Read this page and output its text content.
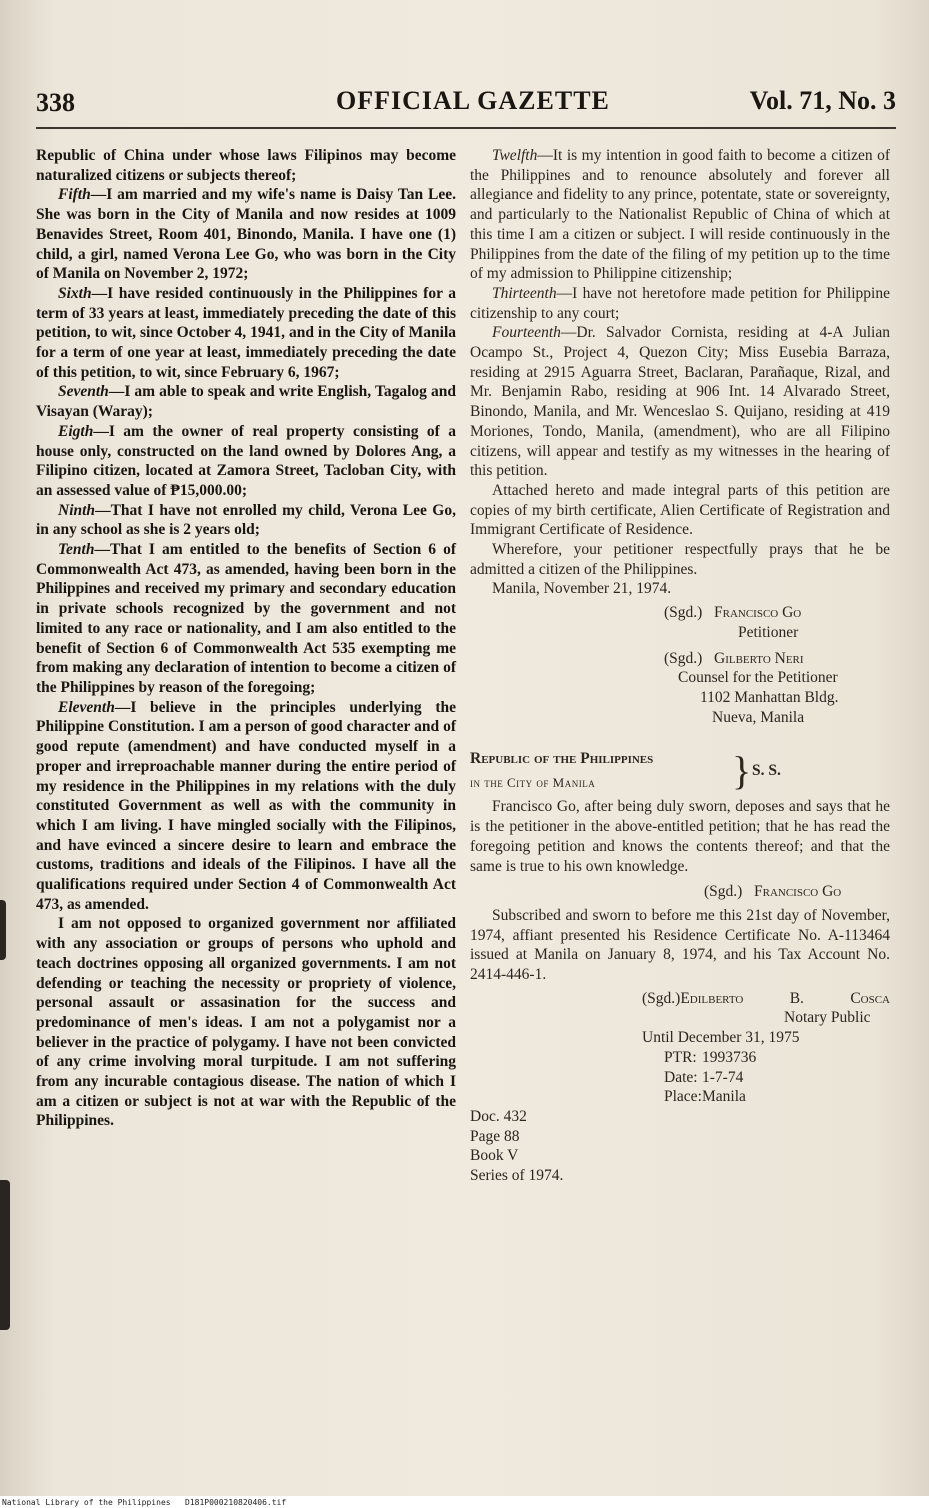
338	OFFICIAL GAZETTE	Vol. 71, No. 3

Republic of China under whose laws Filipinos may become naturalized citizens or subjects thereof;

Fifth—I am married and my wife's name is Daisy Tan Lee. She was born in the City of Manila and now resides at 1009 Benavides Street, Room 401, Binondo, Manila. I have one (1) child, a girl, named Verona Lee Go, who was born in the City of Manila on November 2, 1972;

Sixth—I have resided continuously in the Philippines for a term of 33 years at least, immediately preceding the date of this petition, to wit, since October 4, 1941, and in the City of Manila for a term of one year at least, immediately preceding the date of this petition, to wit, since February 6, 1967;

Seventh—I am able to speak and write English, Tagalog and Visayan (Waray);

Eigth—I am the owner of real property consisting of a house only, constructed on the land owned by Dolores Ang, a Filipino citizen, located at Zamora Street, Tacloban City, with an assessed value of ₱15,000.00;

Ninth—That I have not enrolled my child, Verona Lee Go, in any school as she is 2 years old;

Tenth—That I am entitled to the benefits of Section 6 of Commonwealth Act 473, as amended, having been born in the Philippines and received my primary and secondary education in private schools recognized by the government and not limited to any race or nationality, and I am also entitled to the benefit of Section 6 of Commonwealth Act 535 exempting me from making any declaration of intention to become a citizen of the Philippines by reason of the foregoing;

Eleventh—I believe in the principles underlying the Philippine Constitution. I am a person of good character and of good repute (amendment) and have conducted myself in a proper and irreproachable manner during the entire period of my residence in the Philippines in my relations with the duly constituted Government as well as with the community in which I am living. I have mingled socially with the Filipinos, and have evinced a sincere desire to learn and embrace the customs, traditions and ideals of the Filipinos. I have all the qualifications required under Section 4 of Commonwealth Act 473, as amended.

I am not opposed to organized government nor affiliated with any association or groups of persons who uphold and teach doctrines opposing all organized governments. I am not defending or teaching the necessity or propriety of violence, personal assault or assasination for the success and predominance of men's ideas. I am not a polygamist nor a believer in the practice of polygamy. I have not been convicted of any crime involving moral turpitude. I am not suffering from any incurable contagious disease. The nation of which I am a citizen or subject is not at war with the Republic of the Philippines.

Twelfth—It is my intention in good faith to become a citizen of the Philippines and to renounce absolutely and forever all allegiance and fidelity to any prince, potentate, state or sovereignty, and particularly to the Nationalist Republic of China of which at this time I am a citizen or subject. I will reside continuously in the Philippines from the date of the filing of my petition up to the time of my admission to Philippine citizenship;

Thirteenth—I have not heretofore made petition for Philippine citizenship to any court;

Fourteenth—Dr. Salvador Cornista, residing at 4-A Julian Ocampo St., Project 4, Quezon City; Miss Eusebia Barraza, residing at 2915 Aguarra Street, Baclaran, Parañaque, Rizal, and Mr. Benjamin Rabo, residing at 906 Int. 14 Alvarado Street, Binondo, Manila, and Mr. Wenceslao S. Quijano, residing at 419 Moriones, Tondo, Manila, (amendment), who are all Filipino citizens, will appear and testify as my witnesses in the hearing of this petition.

Attached hereto and made integral parts of this petition are copies of my birth certificate, Alien Certificate of Registration and Immigrant Certificate of Residence.

Wherefore, your petitioner respectfully prays that he be admitted a citizen of the Philippines.

Manila, November 21, 1974.

(Sgd.) Francisco Go
Petitioner

(Sgd.) Gilberto Neri
Counsel for the Petitioner
1102 Manhattan Bldg.
Nueva, Manila

Republic of the Philippines
in the City of Manila	} S. S.

Francisco Go, after being duly sworn, deposes and says that he is the petitioner in the above-entitled petition; that he has read the foregoing petition and knows the contents thereof; and that the same is true to his own knowledge.

(Sgd.) Francisco Go

Subscribed and sworn to before me this 21st day of November, 1974, affiant presented his Residence Certificate No. A-113464 issued at Manila on January 8, 1974, and his Tax Account No. 2414-446-1.

(Sgd.)Edilberto B. Cosca Notary Public

Until December 31, 1975
PTR: 1993736
Date: 1-7-74
Place:Manila

Doc. 432
Page 88
Book V
Series of 1974.

National Library of the Philippines   D181P000210820406.tif
